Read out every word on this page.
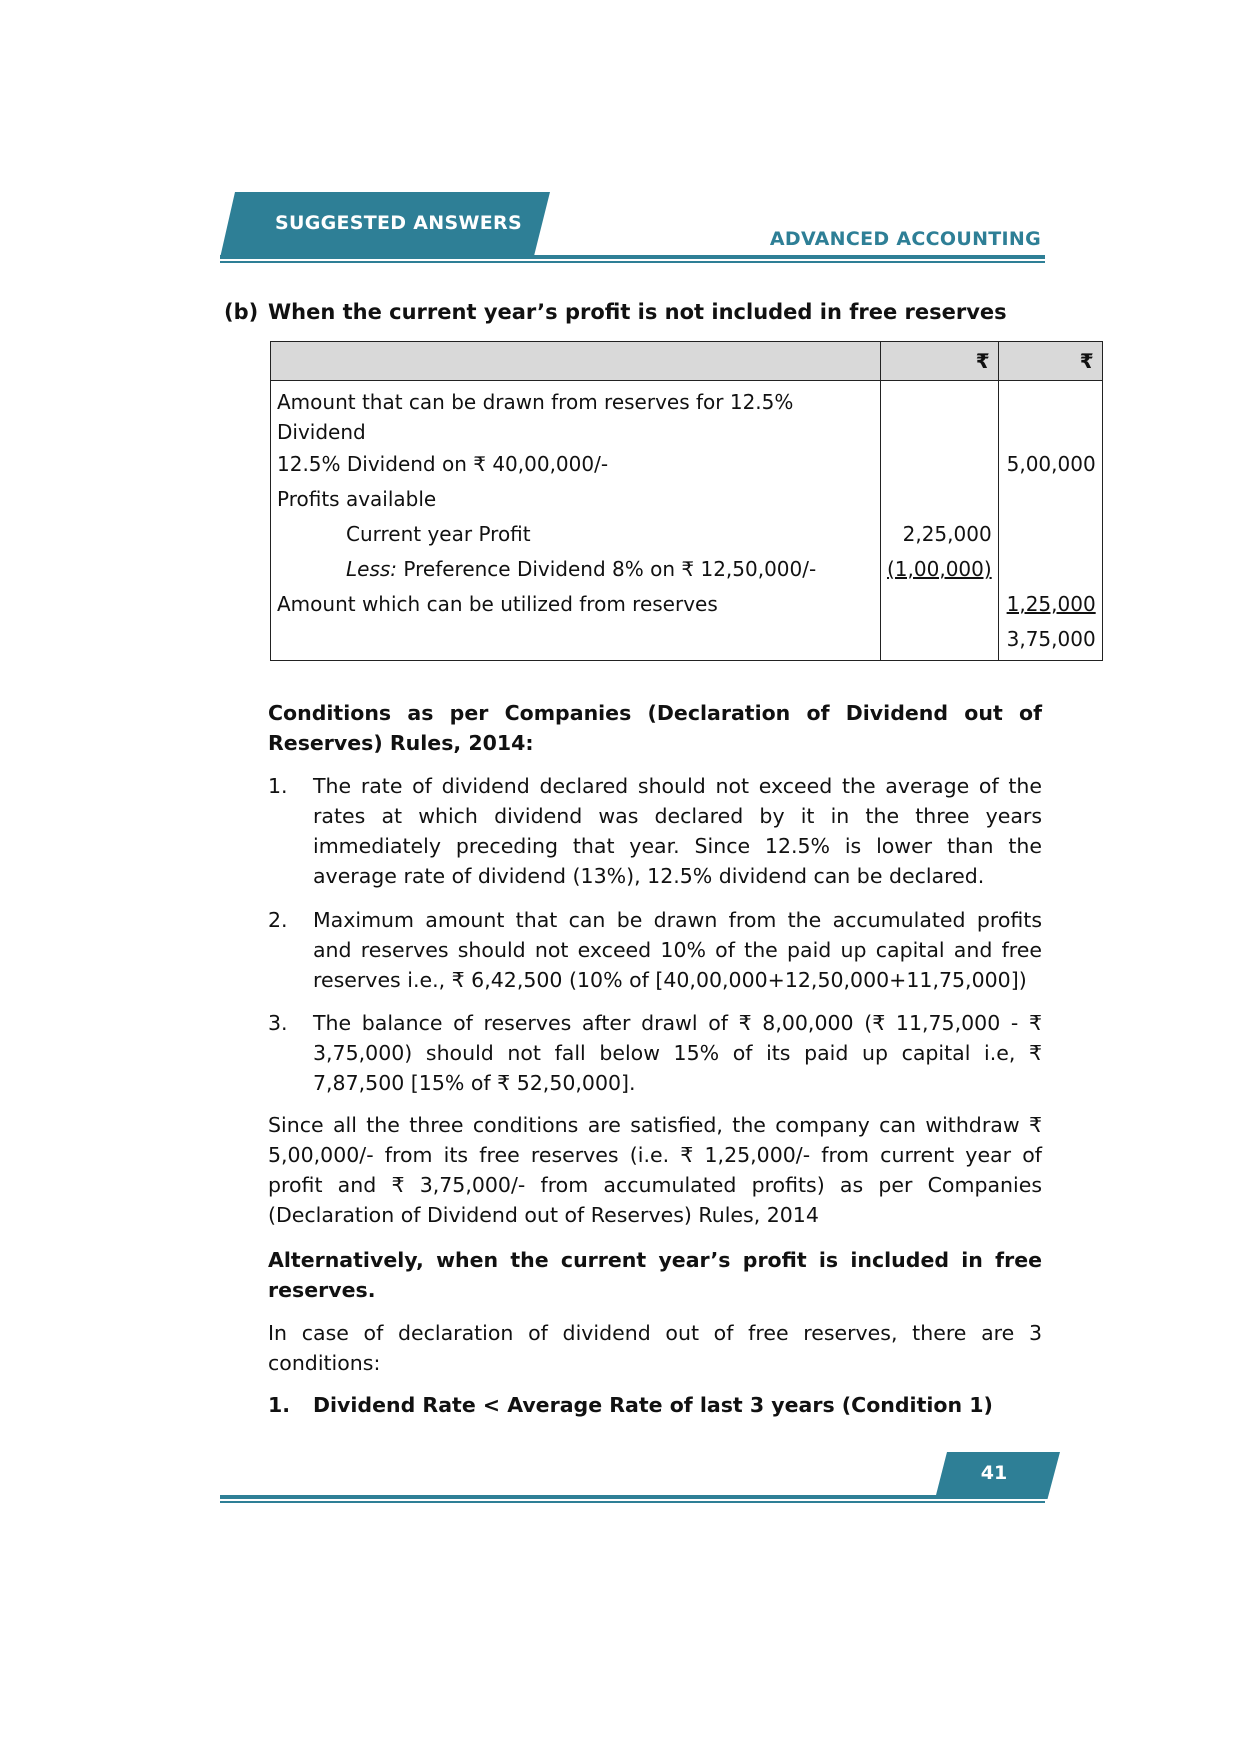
SUGGESTED ANSWERS
ADVANCED ACCOUNTING
(b) When the current year’s profit is not included in free reserves
	₹	₹
Amount that can be drawn from reserves for 12.5% Dividend		
12.5% Dividend on ₹ 40,00,000/-		5,00,000
Profits available		
Current year Profit	2,25,000	
Less: Preference Dividend 8% on ₹ 12,50,000/-	(1,00,000)	
Amount which can be utilized from reserves		1,25,000
		3,75,000
Conditions as per Companies (Declaration of Dividend out of Reserves) Rules, 2014:
1.	The rate of dividend declared should not exceed the average of the rates at which dividend was declared by it in the three years immediately preceding that year. Since 12.5% is lower than the average rate of dividend (13%), 12.5% dividend can be declared.
2.	Maximum amount that can be drawn from the accumulated profits and reserves should not exceed 10% of the paid up capital and free reserves i.e., ₹ 6,42,500 (10% of [40,00,000+12,50,000+11,75,000])
3.	The balance of reserves after drawl of ₹ 8,00,000 (₹ 11,75,000 - ₹ 3,75,000) should not fall below 15% of its paid up capital i.e, ₹ 7,87,500 [15% of ₹ 52,50,000].
Since all the three conditions are satisfied, the company can withdraw ₹ 5,00,000/- from its free reserves (i.e. ₹ 1,25,000/- from current year of profit and ₹ 3,75,000/- from accumulated profits) as per Companies (Declaration of Dividend out of Reserves) Rules, 2014
Alternatively, when the current year’s profit is included in free reserves.
In case of declaration of dividend out of free reserves, there are 3 conditions:
1.	Dividend Rate < Average Rate of last 3 years (Condition 1)
41
